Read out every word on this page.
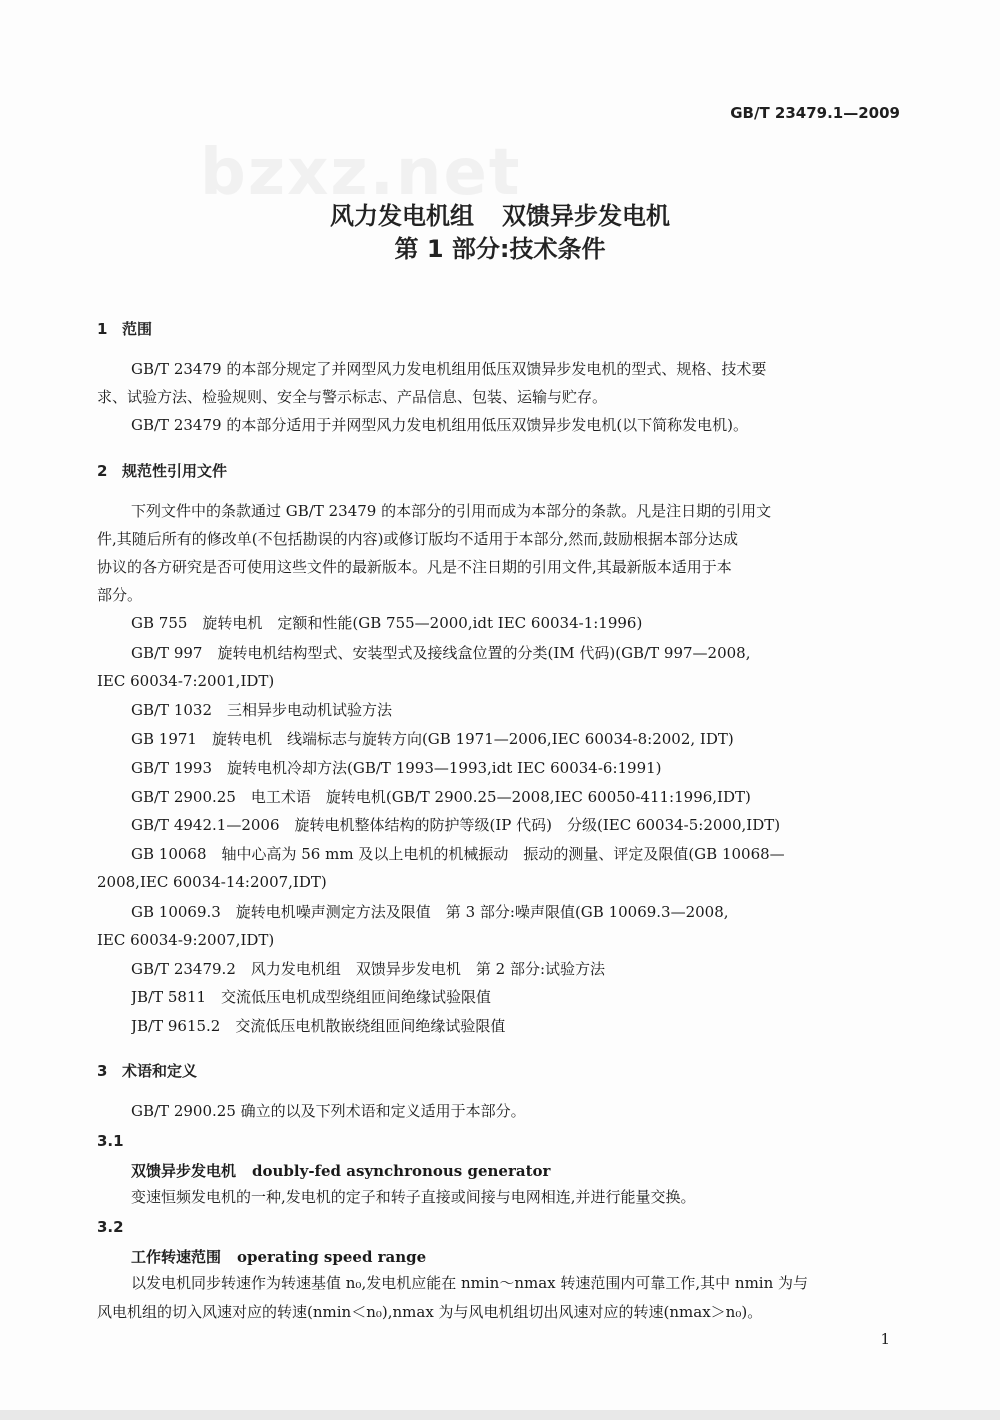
bzxz.net
GB/T 23479.1—2009
风力发电机组 双馈异步发电机
第 1 部分:技术条件
1 范围
GB/T 23479 的本部分规定了并网型风力发电机组用低压双馈异步发电机的型式、规格、技术要
求、试验方法、检验规则、安全与警示标志、产品信息、包装、运输与贮存。
GB/T 23479 的本部分适用于并网型风力发电机组用低压双馈异步发电机(以下简称发电机)。
2 规范性引用文件
下列文件中的条款通过 GB/T 23479 的本部分的引用而成为本部分的条款。凡是注日期的引用文
件,其随后所有的修改单(不包括勘误的内容)或修订版均不适用于本部分,然而,鼓励根据本部分达成
协议的各方研究是否可使用这些文件的最新版本。凡是不注日期的引用文件,其最新版本适用于本
部分。
GB 755　旋转电机　定额和性能(GB 755—2000,idt IEC 60034-1:1996)
GB/T 997　旋转电机结构型式、安装型式及接线盒位置的分类(IM 代码)(GB/T 997—2008,
IEC 60034-7:2001,IDT)
GB/T 1032　三相异步电动机试验方法
GB 1971　旋转电机　线端标志与旋转方向(GB 1971—2006,IEC 60034-8:2002, IDT)
GB/T 1993　旋转电机冷却方法(GB/T 1993—1993,idt IEC 60034-6:1991)
GB/T 2900.25　电工术语　旋转电机(GB/T 2900.25—2008,IEC 60050-411:1996,IDT)
GB/T 4942.1—2006　旋转电机整体结构的防护等级(IP 代码)　分级(IEC 60034-5:2000,IDT)
GB 10068　轴中心高为 56 mm 及以上电机的机械振动　振动的测量、评定及限值(GB 10068—
2008,IEC 60034-14:2007,IDT)
GB 10069.3　旋转电机噪声测定方法及限值　第 3 部分:噪声限值(GB 10069.3—2008,
IEC 60034-9:2007,IDT)
GB/T 23479.2　风力发电机组　双馈异步发电机　第 2 部分:试验方法
JB/T 5811　交流低压电机成型绕组匝间绝缘试验限值
JB/T 9615.2　交流低压电机散嵌绕组匝间绝缘试验限值
3 术语和定义
GB/T 2900.25 确立的以及下列术语和定义适用于本部分。
3.1
双馈异步发电机 doubly-fed asynchronous generator
变速恒频发电机的一种,发电机的定子和转子直接或间接与电网相连,并进行能量交换。
3.2
工作转速范围 operating speed range
以发电机同步转速作为转速基值 n₀,发电机应能在 nmin～nmax 转速范围内可靠工作,其中 nmin 为与
风电机组的切入风速对应的转速(nmin＜n₀),nmax 为与风电机组切出风速对应的转速(nmax＞n₀)。
1
